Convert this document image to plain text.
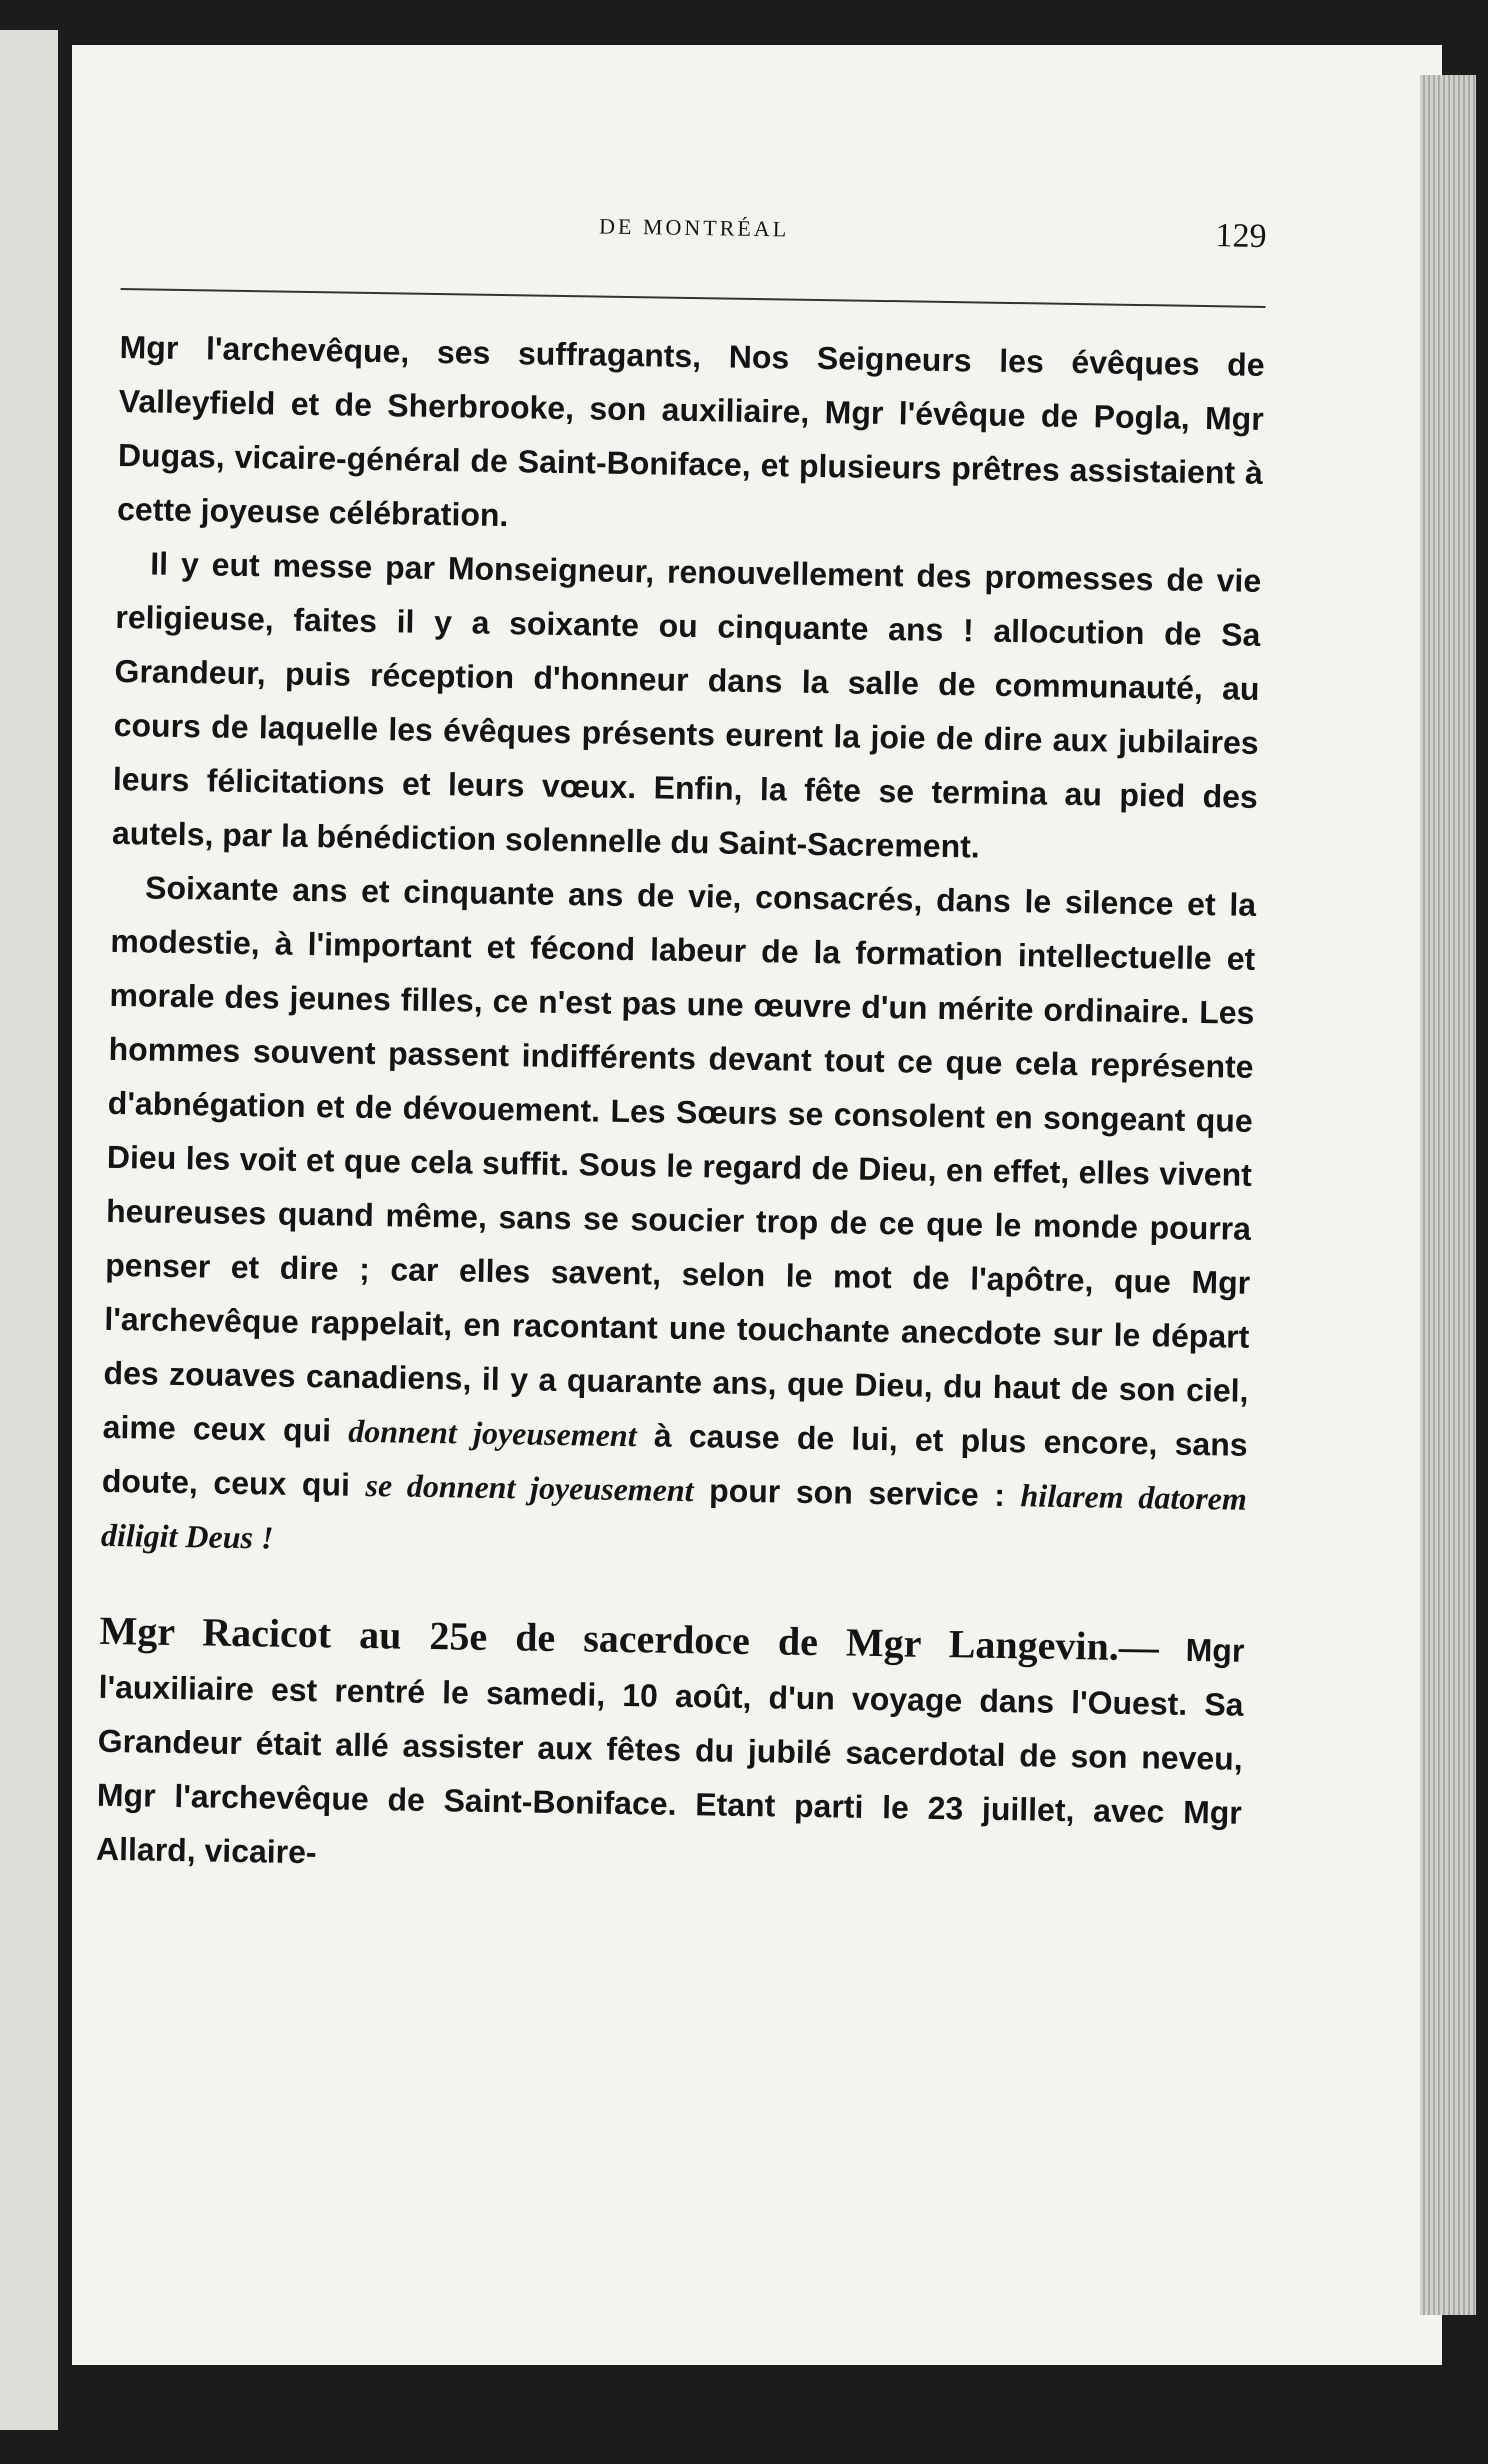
DE MONTRÉAL	129

Mgr l'archevêque, ses suffragants, Nos Seigneurs les évêques de Valleyfield et de Sherbrooke, son auxiliaire, Mgr l'évêque de Pogla, Mgr Dugas, vicaire-général de Saint-Boniface, et plusieurs prêtres assistaient à cette joyeuse célébration.

Il y eut messe par Monseigneur, renouvellement des promesses de vie religieuse, faites il y a soixante ou cinquante ans ! allocution de Sa Grandeur, puis réception d'honneur dans la salle de communauté, au cours de laquelle les évêques présents eurent la joie de dire aux jubilaires leurs félicitations et leurs vœux. Enfin, la fête se termina au pied des autels, par la bénédiction solennelle du Saint-Sacrement.

Soixante ans et cinquante ans de vie, consacrés, dans le silence et la modestie, à l'important et fécond labeur de la formation intellectuelle et morale des jeunes filles, ce n'est pas une œuvre d'un mérite ordinaire. Les hommes souvent passent indifférents devant tout ce que cela représente d'abnégation et de dévouement. Les Sœurs se consolent en songeant que Dieu les voit et que cela suffit. Sous le regard de Dieu, en effet, elles vivent heureuses quand même, sans se soucier trop de ce que le monde pourra penser et dire ; car elles savent, selon le mot de l'apôtre, que Mgr l'archevêque rappelait, en racontant une touchante anecdote sur le départ des zouaves canadiens, il y a quarante ans, que Dieu, du haut de son ciel, aime ceux qui donnent joyeusement à cause de lui, et plus encore, sans doute, ceux qui se donnent joyeusement pour son service : hilarem datorem diligit Deus !

Mgr Racicot au 25e de sacerdoce de Mgr Langevin.— Mgr l'auxiliaire est rentré le samedi, 10 août, d'un voyage dans l'Ouest. Sa Grandeur était allé assister aux fêtes du jubilé sacerdotal de son neveu, Mgr l'archevêque de Saint-Boniface. Etant parti le 23 juillet, avec Mgr Allard, vicaire-
